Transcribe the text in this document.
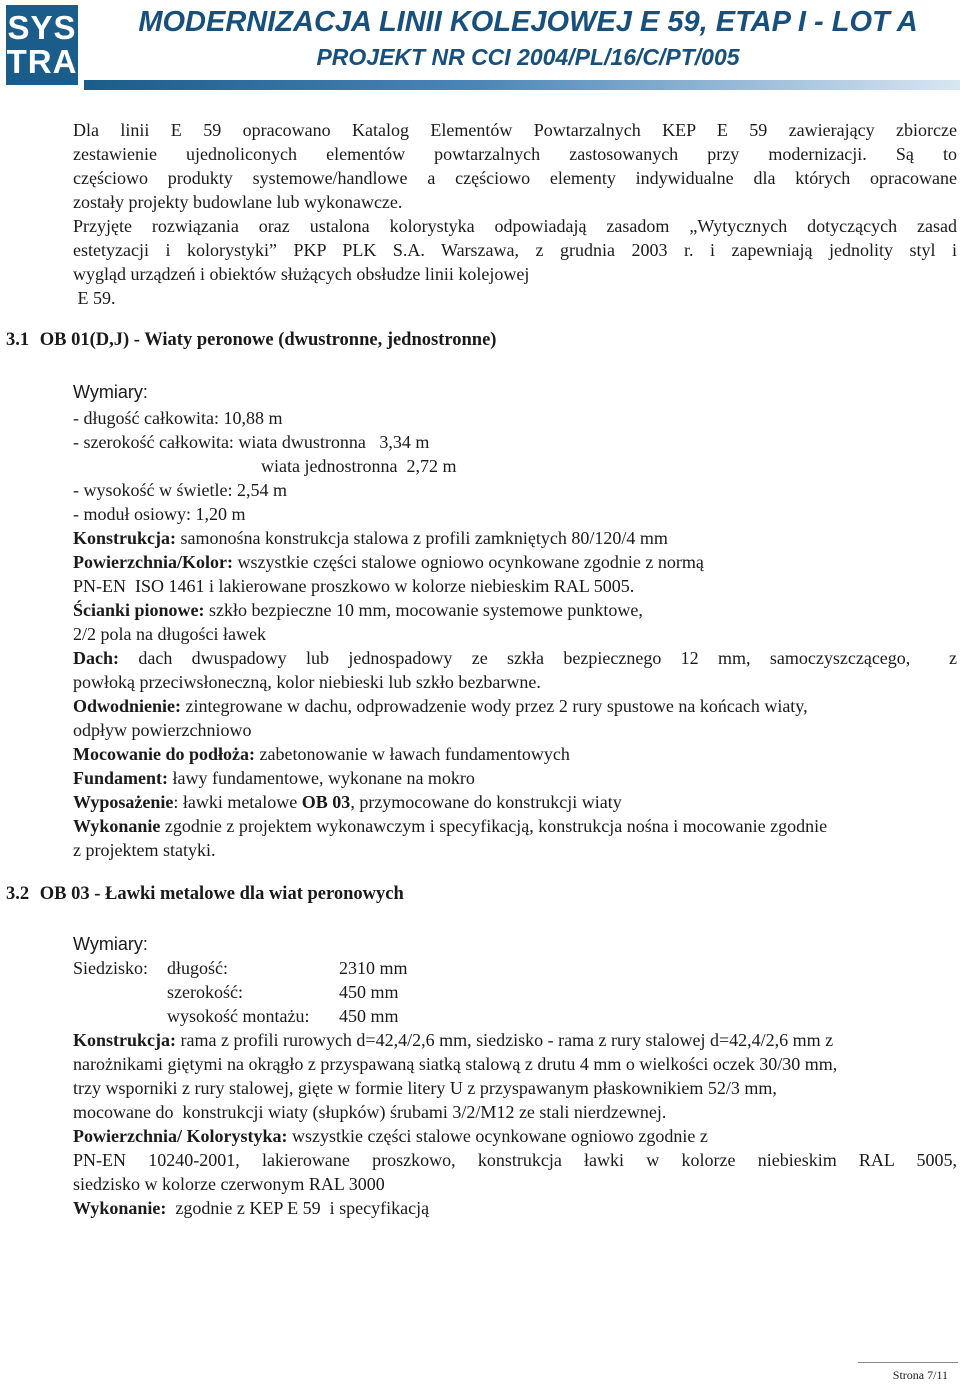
SYS
TRA
MODERNIZACJA LINII KOLEJOWEJ E 59, ETAP I - LOT A
PROJEKT NR CCI 2004/PL/16/C/PT/005
Dla linii E 59 opracowano Katalog Elementów Powtarzalnych KEP E 59 zawierający zbiorcze
zestawienie ujednoliconych elementów powtarzalnych zastosowanych przy modernizacji. Są to
częściowo produkty systemowe/handlowe a częściowo elementy indywidualne dla których opracowane
zostały projekty budowlane lub wykonawcze.
Przyjęte rozwiązania oraz ustalona kolorystyka odpowiadają zasadom „Wytycznych dotyczących zasad
estetyzacji i kolorystyki” PKP PLK S.A. Warszawa, z grudnia 2003 r. i zapewniają jednolity styl i
wygląd urządzeń i obiektów służących obsłudze linii kolejowej
E 59.
3.1 OB 01(D,J) - Wiaty peronowe (dwustronne, jednostronne)
Wymiary:
- długość całkowita: 10,88 m
- szerokość całkowita: wiata dwustronna   3,34 m
wiata jednostronna  2,72 m
- wysokość w świetle: 2,54 m
- moduł osiowy: 1,20 m
Konstrukcja: samonośna konstrukcja stalowa z profili zamkniętych 80/120/4 mm
Powierzchnia/Kolor: wszystkie części stalowe ogniowo ocynkowane zgodnie z normą
PN-EN  ISO 1461 i lakierowane proszkowo w kolorze niebieskim RAL 5005.
Ścianki pionowe: szkło bezpieczne 10 mm, mocowanie systemowe punktowe,
2/2 pola na długości ławek
Dach: dach dwuspadowy lub jednospadowy ze szkła bezpiecznego 12 mm, samoczyszczącego,  z
powłoką przeciwsłoneczną, kolor niebieski lub szkło bezbarwne.
Odwodnienie: zintegrowane w dachu, odprowadzenie wody przez 2 rury spustowe na końcach wiaty,
odpływ powierzchniowo
Mocowanie do podłoża: zabetonowanie w ławach fundamentowych
Fundament: ławy fundamentowe, wykonane na mokro
Wyposażenie: ławki metalowe OB 03, przymocowane do konstrukcji wiaty
Wykonanie zgodnie z projektem wykonawczym i specyfikacją, konstrukcja nośna i mocowanie zgodnie
z projektem statyki.
3.2 OB 03 - Ławki metalowe dla wiat peronowych
Wymiary:
Siedzisko: długość:	2310 mm
szerokość:	450 mm
wysokość montażu: 450 mm
Konstrukcja: rama z profili rurowych d=42,4/2,6 mm, siedzisko - rama z rury stalowej d=42,4/2,6 mm z
narożnikami giętymi na okrągło z przyspawaną siatką stalową z drutu 4 mm o wielkości oczek 30/30 mm,
trzy wsporniki z rury stalowej, gięte w formie litery U z przyspawanym płaskownikiem 52/3 mm,
mocowane do  konstrukcji wiaty (słupków) śrubami 3/2/M12 ze stali nierdzewnej.
Powierzchnia/ Kolorystyka: wszystkie części stalowe ocynkowane ogniowo zgodnie z
PN-EN 10240-2001, lakierowane proszkowo, konstrukcja ławki w kolorze niebieskim RAL 5005,
siedzisko w kolorze czerwonym RAL 3000
Wykonanie:  zgodnie z KEP E 59  i specyfikacją
Strona 7/11
